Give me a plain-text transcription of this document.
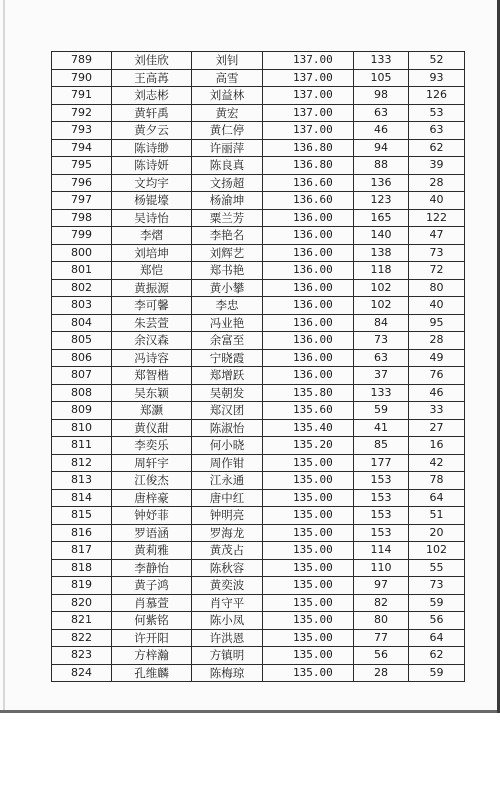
789	刘佳欣	刘钊	137.00	133	52
790	王高苒	高雪	137.00	105	93
791	刘志彬	刘益林	137.00	98	126
792	黄轩禹	黄宏	137.00	63	53
793	黄夕云	黄仁停	137.00	46	63
794	陈诗缈	许丽萍	136.80	94	62
795	陈诗妍	陈良真	136.80	88	39
796	文均宇	文扬超	136.60	136	28
797	杨锟壕	杨渝坤	136.60	123	40
798	吴诗怡	粟兰芳	136.00	165	122
799	李熠	李艳名	136.00	140	47
800	刘培坤	刘辉艺	136.00	138	73
801	郑恺	郑书艳	136.00	118	72
802	黄振源	黄小攀	136.00	102	80
803	李可馨	李忠	136.00	102	40
804	朱芸萱	冯业艳	136.00	84	95
805	余汉森	余富至	136.00	73	28
806	冯诗容	宁晓霞	136.00	63	49
807	郑智楷	郑增跃	136.00	37	76
808	吴东颖	吴朝发	135.80	133	46
809	郑灏	郑汉团	135.60	59	33
810	黄仪甜	陈淑怡	135.40	41	27
811	李奕乐	何小晓	135.20	85	16
812	周轩宇	周作钳	135.00	177	42
813	江俊杰	江永通	135.00	153	78
814	唐梓豪	唐中红	135.00	153	64
815	钟妤菲	钟明亮	135.00	153	51
816	罗语涵	罗海龙	135.00	153	20
817	黄莉雅	黄茂占	135.00	114	102
818	李静怡	陈秋容	135.00	110	55
819	黄子鸿	黄奕波	135.00	97	73
820	肖慕萱	肖守平	135.00	82	59
821	何紫铭	陈小凤	135.00	80	56
822	许开阳	许洪恩	135.00	77	64
823	方梓瀚	方镇明	135.00	56	62
824	孔维麟	陈梅琼	135.00	28	59
